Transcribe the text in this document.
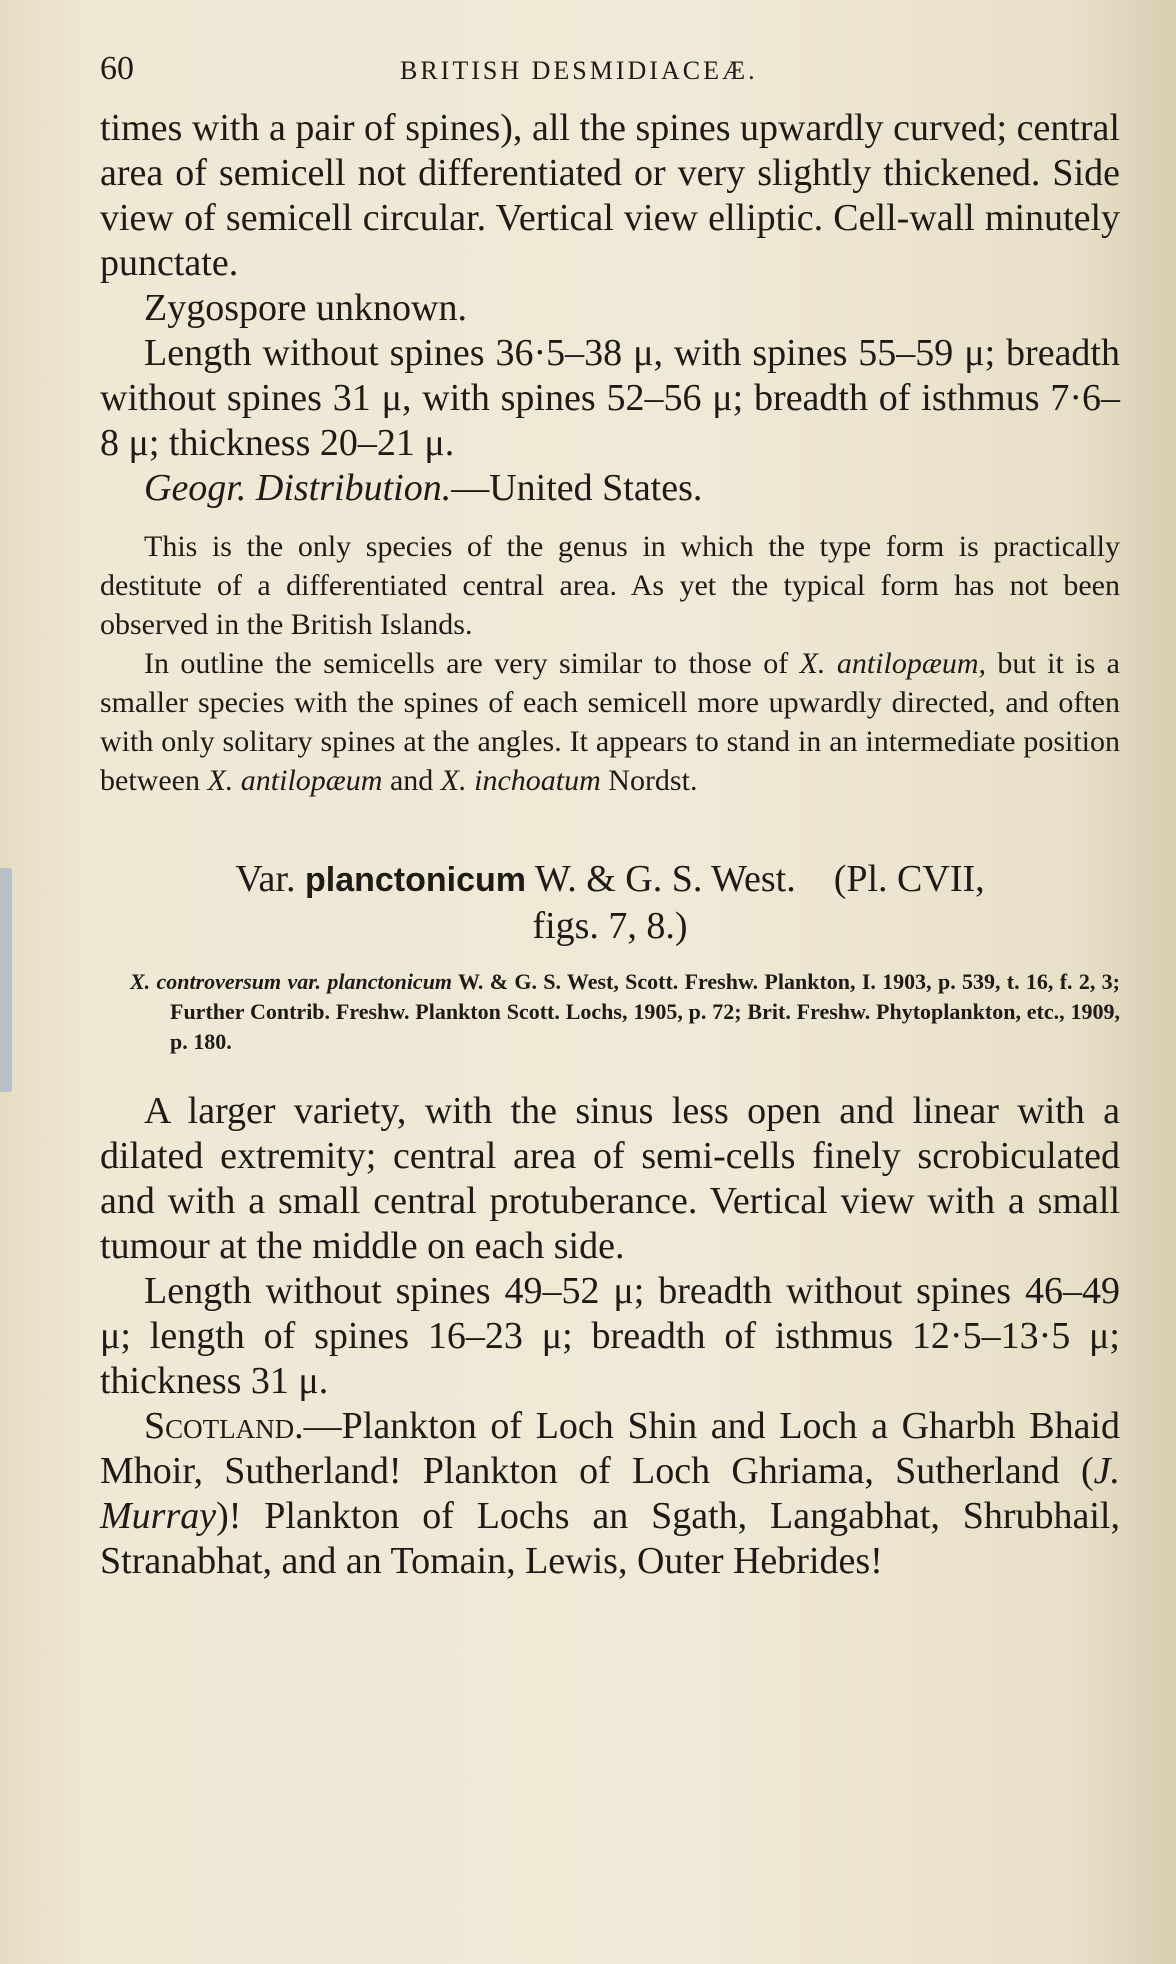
60	BRITISH DESMIDIACEÆ.

times with a pair of spines), all the spines upwardly curved; central area of semicell not differentiated or very slightly thickened. Side view of semicell circular. Vertical view elliptic. Cell-wall minutely punctate.

Zygospore unknown.

Length without spines 36·5–38 μ, with spines 55–59 μ; breadth without spines 31 μ, with spines 52–56 μ; breadth of isthmus 7·6–8 μ; thickness 20–21 μ.

Geogr. Distribution.—United States.

This is the only species of the genus in which the type form is practically destitute of a differentiated central area. As yet the typical form has not been observed in the British Islands.

In outline the semicells are very similar to those of X. antilopæum, but it is a smaller species with the spines of each semicell more upwardly directed, and often with only solitary spines at the angles. It appears to stand in an intermediate position between X. antilopæum and X. inchoatum Nordst.

Var. planctonicum W. & G. S. West. (Pl. CVII,
figs. 7, 8.)

X. controversum var. planctonicum W. & G. S. West, Scott. Freshw. Plankton, I. 1903, p. 539, t. 16, f. 2, 3; Further Contrib. Freshw. Plankton Scott. Lochs, 1905, p. 72; Brit. Freshw. Phytoplankton, etc., 1909, p. 180.

A larger variety, with the sinus less open and linear with a dilated extremity; central area of semi-cells finely scrobiculated and with a small central protuberance. Vertical view with a small tumour at the middle on each side.

Length without spines 49–52 μ; breadth without spines 46–49 μ; length of spines 16–23 μ; breadth of isthmus 12·5–13·5 μ; thickness 31 μ.

Scotland.—Plankton of Loch Shin and Loch a Gharbh Bhaid Mhoir, Sutherland! Plankton of Loch Ghriama, Sutherland (J. Murray)! Plankton of Lochs an Sgath, Langabhat, Shrubhail, Stranabhat, and an Tomain, Lewis, Outer Hebrides!
